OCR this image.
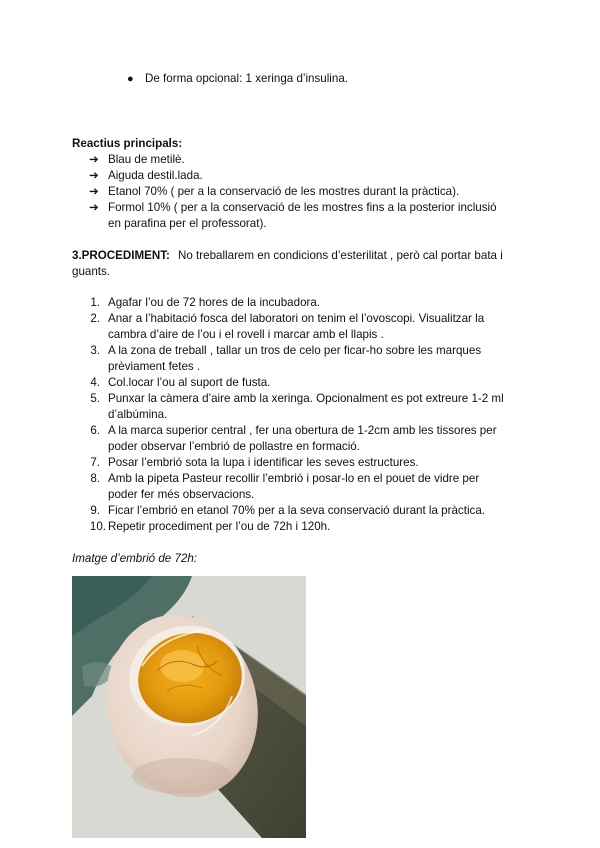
● De forma opcional: 1 xeringa d’insulina.
Reactius principals:
➔ Blau de metilè.
➔ Aiguda destil.lada.
➔ Etanol 70% ( per a la conservació de les mostres durant la pràctica).
➔ Formol 10% ( per a la conservació de les mostres fins a la posterior inclusió
en parafina per el professorat).
3.PROCEDIMENT: No treballarem en condicions d’esterilitat , però cal portar bata i
guants.
1. Agafar l’ou de 72 hores de la incubadora.
2. Anar a l’habitació fosca del laboratori on tenim el l’ovoscopi. Visualitzar la
cambra d’aire de l’ou i el rovell i marcar amb el llapis .
3. A la zona de treball , tallar un tros de celo per ficar-ho sobre les marques
prèviament fetes .
4. Col.locar l’ou al suport de fusta.
5. Punxar la càmera d’aire amb la xeringa. Opcionalment es pot extreure 1-2 ml
d’albúmina.
6. A la marca superior central , fer una obertura de 1-2cm amb les tissores per
poder observar l’embrió de pollastre en formació.
7. Posar l’embrió sota la lupa i identificar les seves estructures.
8. Amb la pipeta Pasteur recollir l’embrió i posar-lo en el pouet de vidre per
poder fer més observacions.
9. Ficar l’embrió en etanol 70% per a la seva conservació durant la pràctica.
10. Repetir procediment per l’ou de 72h i 120h.
Imatge d’embrió de 72h:
